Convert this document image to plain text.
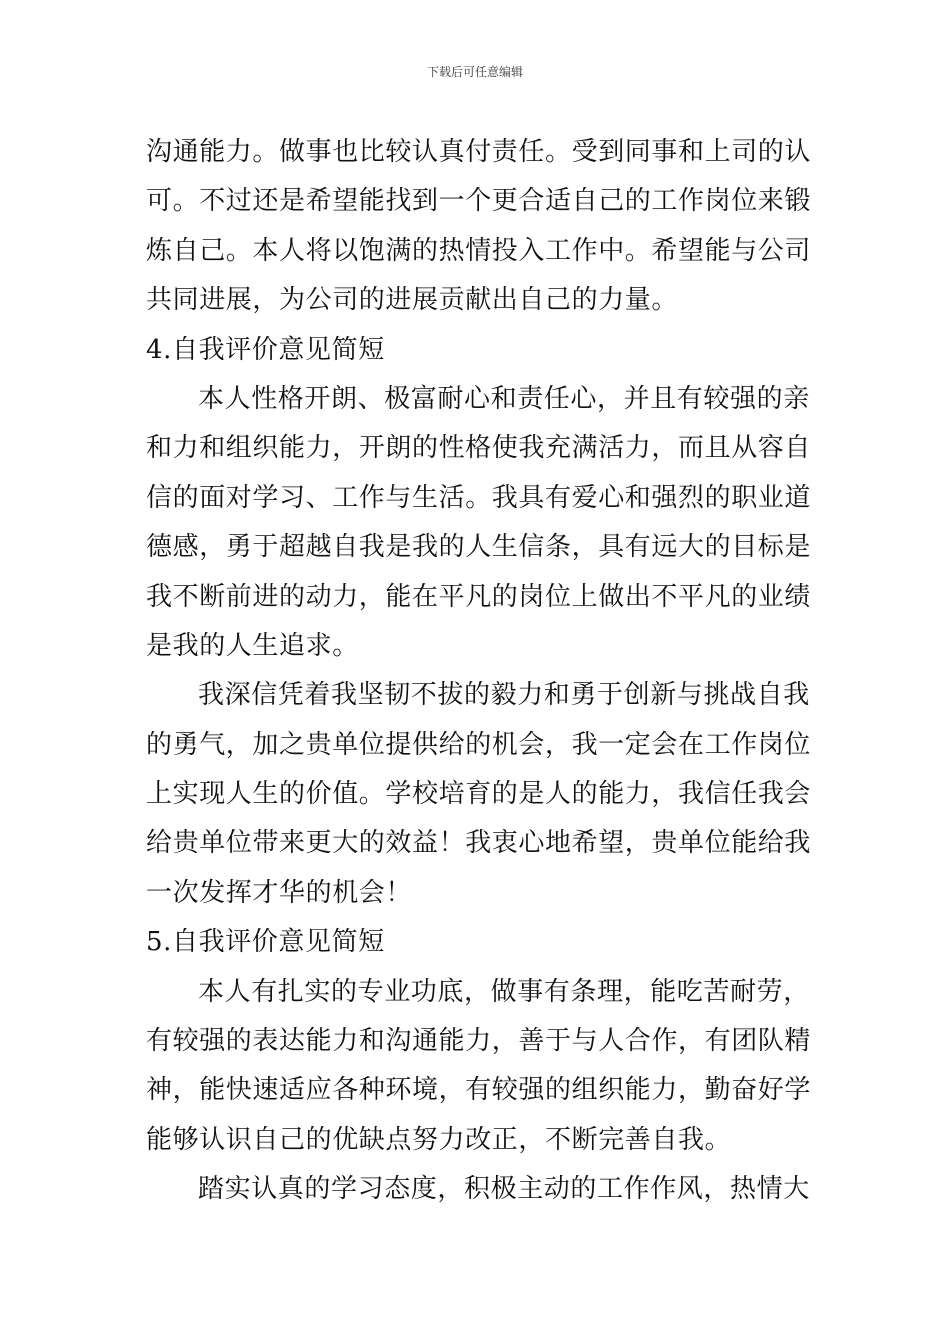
下载后可任意编辑
沟通能力。做事也比较认真付责任。受到同事和上司的认
可。不过还是希望能找到一个更合适自己的工作岗位来锻
炼自己。本人将以饱满的热情投入工作中。希望能与公司
共同进展，为公司的进展贡献出自己的力量。
4.自我评价意见简短
本人性格开朗、极富耐心和责任心，并且有较强的亲
和力和组织能力，开朗的性格使我充满活力，而且从容自
信的面对学习、工作与生活。我具有爱心和强烈的职业道
德感，勇于超越自我是我的人生信条，具有远大的目标是
我不断前进的动力，能在平凡的岗位上做出不平凡的业绩
是我的人生追求。
我深信凭着我坚韧不拔的毅力和勇于创新与挑战自我
的勇气，加之贵单位提供给的机会，我一定会在工作岗位
上实现人生的价值。学校培育的是人的能力，我信任我会
给贵单位带来更大的效益！我衷心地希望，贵单位能给我
一次发挥才华的机会！
5.自我评价意见简短
本人有扎实的专业功底，做事有条理，能吃苦耐劳，
有较强的表达能力和沟通能力，善于与人合作，有团队精
神，能快速适应各种环境，有较强的组织能力，勤奋好学
能够认识自己的优缺点努力改正，不断完善自我。
踏实认真的学习态度，积极主动的工作作风，热情大
